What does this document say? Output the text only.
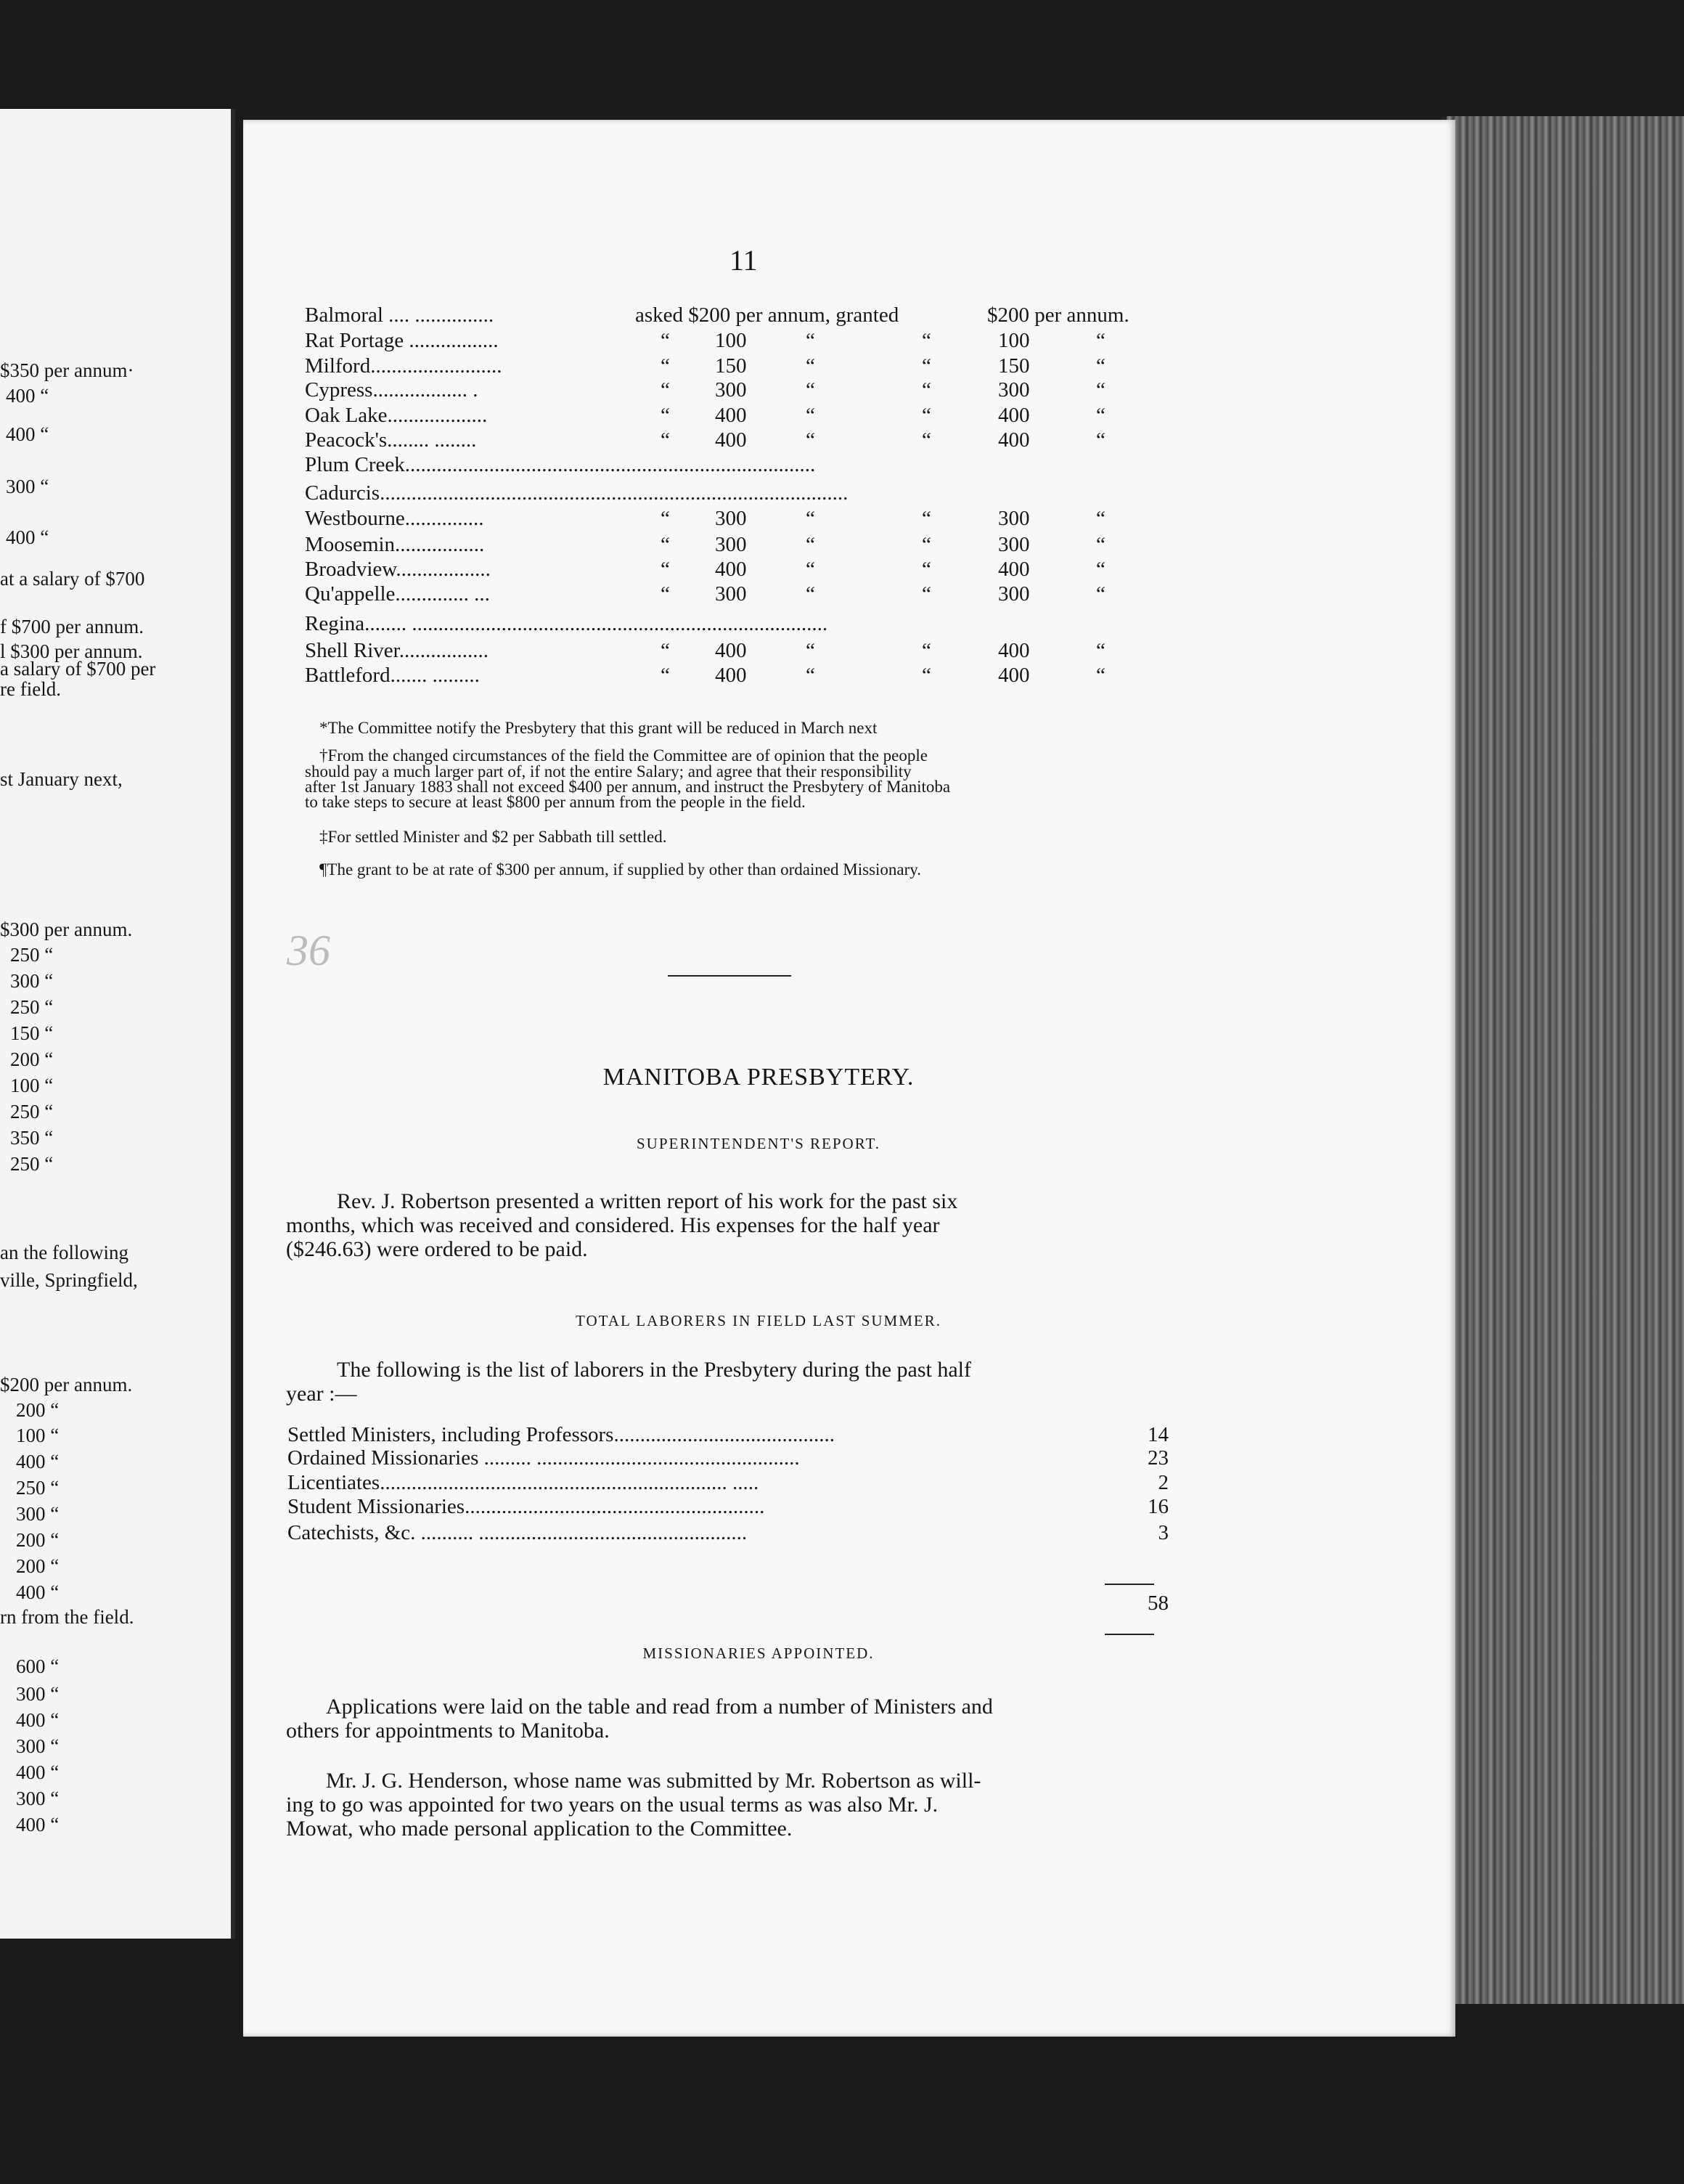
$350 per annum·
400 “
400 “
300 “
400 “
at a salary of $700
f $700 per annum.
l $300 per annum.
a salary of $700 per
re field.
st January next,
$300 per annum.
250 “
300 “
250 “
150 “
200 “
100 “
250 “
350 “
250 “
an the following
ville, Springfield,
$200 per annum.
200 “
100 “
400 “
250 “
300 “
200 “
200 “
400 “
rn from the field.
600 “
300 “
400 “
300 “
400 “
300 “
400 “
11
Balmoral .... ...............	asked $200 per annum, granted	$200 per annum.
Rat Portage .................	“ 100	“	“	100	“
Milford.........................	“ 150	“	“	150	“
Cypress.................. .	“ 300	“	“	300	“
Oak Lake...................	“ 400	“	“	400	“
Peacock's........ ........	“ 400	“	“	400	“
Plum Creek..............................................................................
Cadurcis.........................................................................................
Westbourne...............	“ 300	“	“	300	“
Moosemin.................	“ 300	“	“	300	“
Broadview..................	“ 400	“	“	400	“
Qu'appelle.............. ...	“ 300	“	“	300	“
Regina........ ...............................................................................
Shell River.................	“ 400	“	“	400	“
Battleford....... .........	“ 400	“	“	400	“
*The Committee notify the Presbytery that this grant will be reduced in March next
†From the changed circumstances of the field the Committee are of opinion that the people
should pay a much larger part of, if not the entire Salary; and agree that their responsibility
after 1st January 1883 shall not exceed $400 per annum, and instruct the Presbytery of Manitoba
to take steps to secure at least $800 per annum from the people in the field.
‡For settled Minister and $2 per Sabbath till settled.
¶The grant to be at rate of $300 per annum, if supplied by other than ordained Missionary.
36
MANITOBA PRESBYTERY.
SUPERINTENDENT'S REPORT.
Rev. J. Robertson presented a written report of his work for the past six
months, which was received and considered. His expenses for the half year
($246.63) were ordered to be paid.
TOTAL LABORERS IN FIELD LAST SUMMER.
The following is the list of laborers in the Presbytery during the past half
year :—
Settled Ministers, including Professors..........................................	14
Ordained Missionaries ......... ..................................................	23
Licentiates.................................................................. .....	2
Student Missionaries.........................................................	16
Catechists, &c. .......... ...................................................	3
58
MISSIONARIES APPOINTED.
Applications were laid on the table and read from a number of Ministers and
others for appointments to Manitoba.
Mr. J. G. Henderson, whose name was submitted by Mr. Robertson as will-
ing to go was appointed for two years on the usual terms as was also Mr. J.
Mowat, who made personal application to the Committee.
